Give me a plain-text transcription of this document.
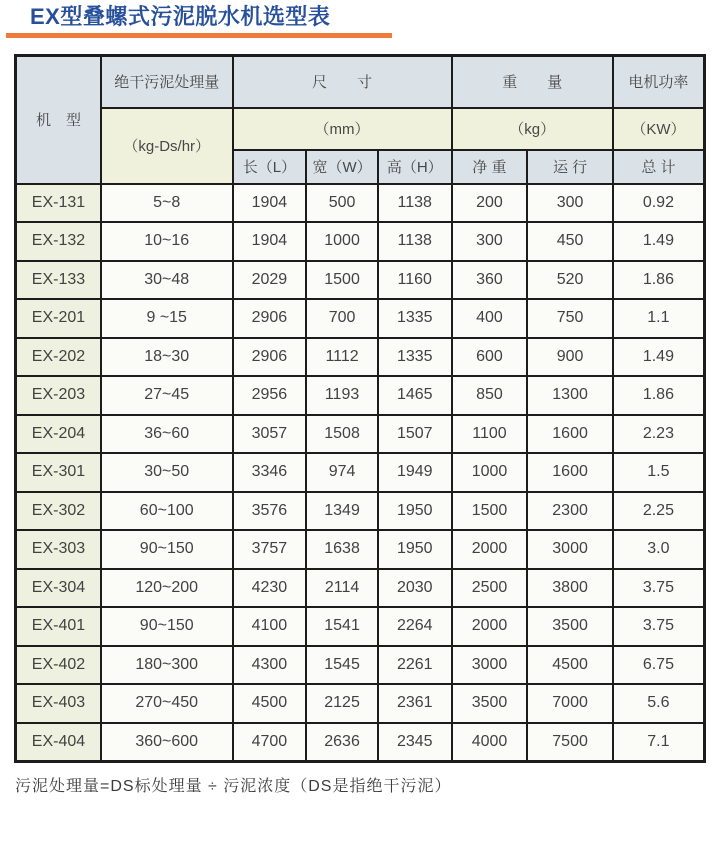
EX型叠螺式污泥脱水机选型表
机　型	绝干污泥处理量	尺　　寸			重　　量		电机功率
	（kg-Ds/hr）	（mm）			（kg）		（KW）
		长（L）	宽（W）	高（H）	净 重	运 行	总 计
EX-131	5~8	1904	500	1138	200	300	0.92
EX-132	10~16	1904	1000	1138	300	450	1.49
EX-133	30~48	2029	1500	1160	360	520	1.86
EX-201	9 ~15	2906	700	1335	400	750	1.1
EX-202	18~30	2906	1112	1335	600	900	1.49
EX-203	27~45	2956	1193	1465	850	1300	1.86
EX-204	36~60	3057	1508	1507	1100	1600	2.23
EX-301	30~50	3346	974	1949	1000	1600	1.5
EX-302	60~100	3576	1349	1950	1500	2300	2.25
EX-303	90~150	3757	1638	1950	2000	3000	3.0
EX-304	120~200	4230	2114	2030	2500	3800	3.75
EX-401	90~150	4100	1541	2264	2000	3500	3.75
EX-402	180~300	4300	1545	2261	3000	4500	6.75
EX-403	270~450	4500	2125	2361	3500	7000	5.6
EX-404	360~600	4700	2636	2345	4000	7500	7.1

污泥处理量=DS标处理量 ÷ 污泥浓度（DS是指绝干污泥）
